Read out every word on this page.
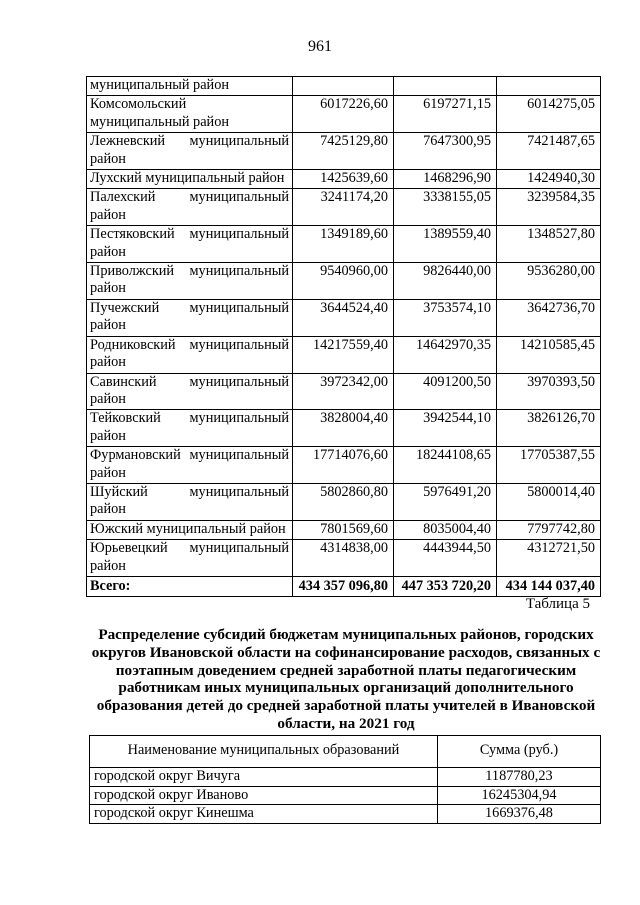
961
муниципальный район			
Комсомольский муниципальный район	6017226,60	6197271,15	6014275,05
Лежневский муниципальный район	7425129,80	7647300,95	7421487,65
Лухский муниципальный район	1425639,60	1468296,90	1424940,30
Палехский муниципальный район	3241174,20	3338155,05	3239584,35
Пестяковский муниципальный район	1349189,60	1389559,40	1348527,80
Приволжский муниципальный район	9540960,00	9826440,00	9536280,00
Пучежский муниципальный район	3644524,40	3753574,10	3642736,70
Родниковский муниципальный район	14217559,40	14642970,35	14210585,45
Савинский муниципальный район	3972342,00	4091200,50	3970393,50
Тейковский муниципальный район	3828004,40	3942544,10	3826126,70
Фурмановский муниципальный район	17714076,60	18244108,65	17705387,55
Шуйский муниципальный район	5802860,80	5976491,20	5800014,40
Южский муниципальный район	7801569,60	8035004,40	7797742,80
Юрьевецкий муниципальный район	4314838,00	4443944,50	4312721,50
Всего:	434 357 096,80	447 353 720,20	434 144 037,40
Таблица 5
Распределение субсидий бюджетам муниципальных районов, городских округов Ивановской области на софинансирование расходов, связанных с поэтапным доведением средней заработной платы педагогическим работникам иных муниципальных организаций дополнительного образования детей до средней заработной платы учителей в Ивановской области, на 2021 год
Наименование муниципальных образований	Сумма (руб.)
городской округ Вичуга	1187780,23
городской округ Иваново	16245304,94
городской округ Кинешма	1669376,48
